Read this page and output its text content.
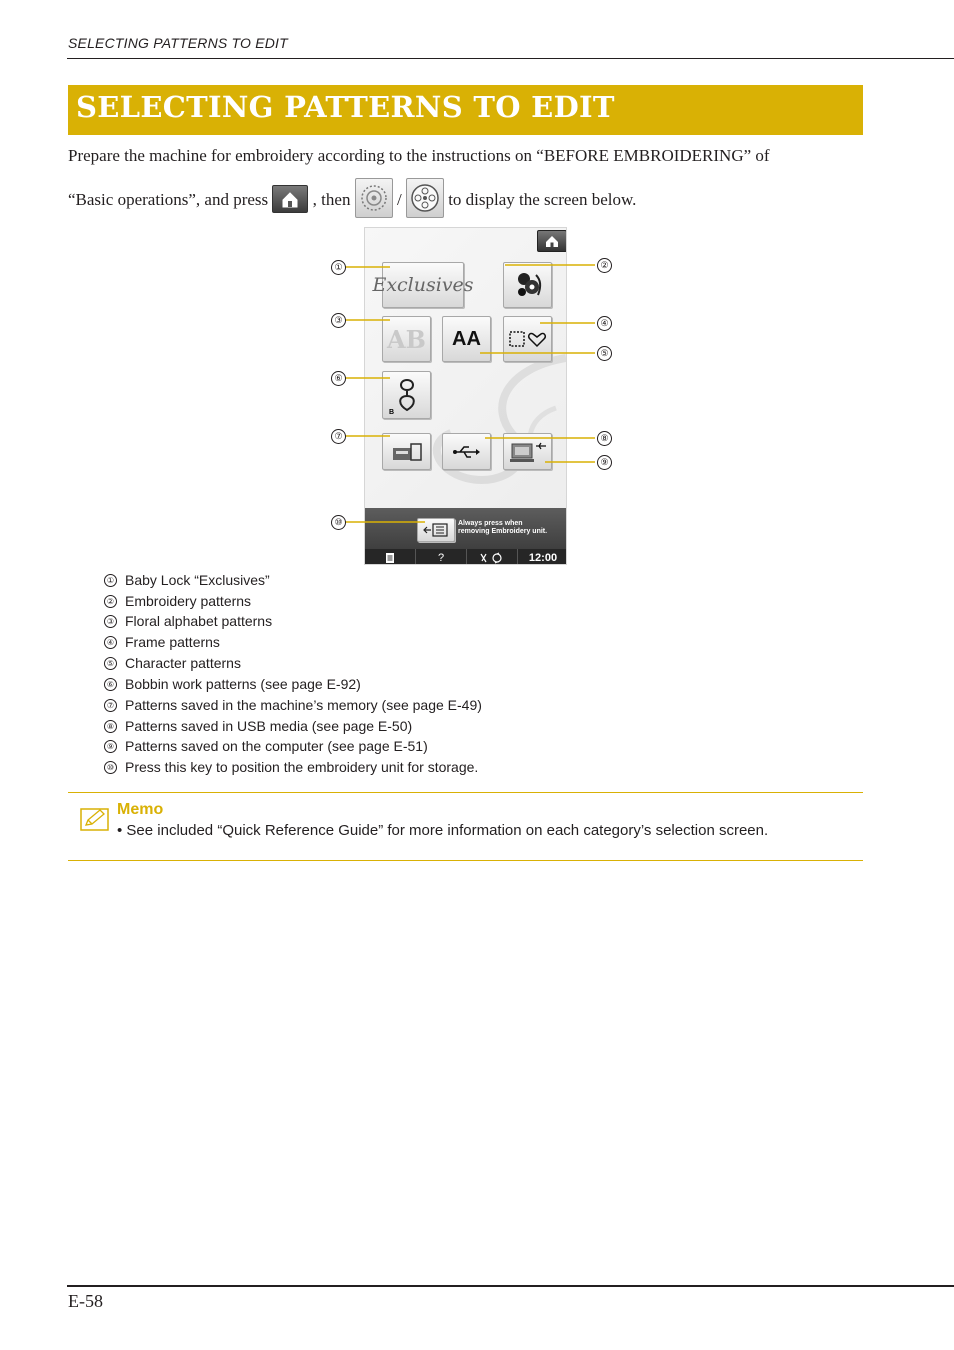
SELECTING PATTERNS TO EDIT
SELECTING PATTERNS TO EDIT
Prepare the machine for embroidery according to the instructions on “BEFORE EMBROIDERING” of
“Basic operations”, and press	, then	/	to display the screen below.
Exclusives
AB AA
B
Always press when
removing Embroidery unit.
?	12:00
①	②
③	④
⑤
⑥
⑦	⑧
⑨
⑩
① Baby Lock “Exclusives”
② Embroidery patterns
③ Floral alphabet patterns
④ Frame patterns
⑤ Character patterns
⑥ Bobbin work patterns (see page E-92)
⑦ Patterns saved in the machine’s memory (see page E-49)
⑧ Patterns saved in USB media (see page E-50)
⑨ Patterns saved on the computer (see page E-51)
⑩ Press this key to position the embroidery unit for storage.
Memo
• See included “Quick Reference Guide” for more information on each category’s selection screen.
E-58
